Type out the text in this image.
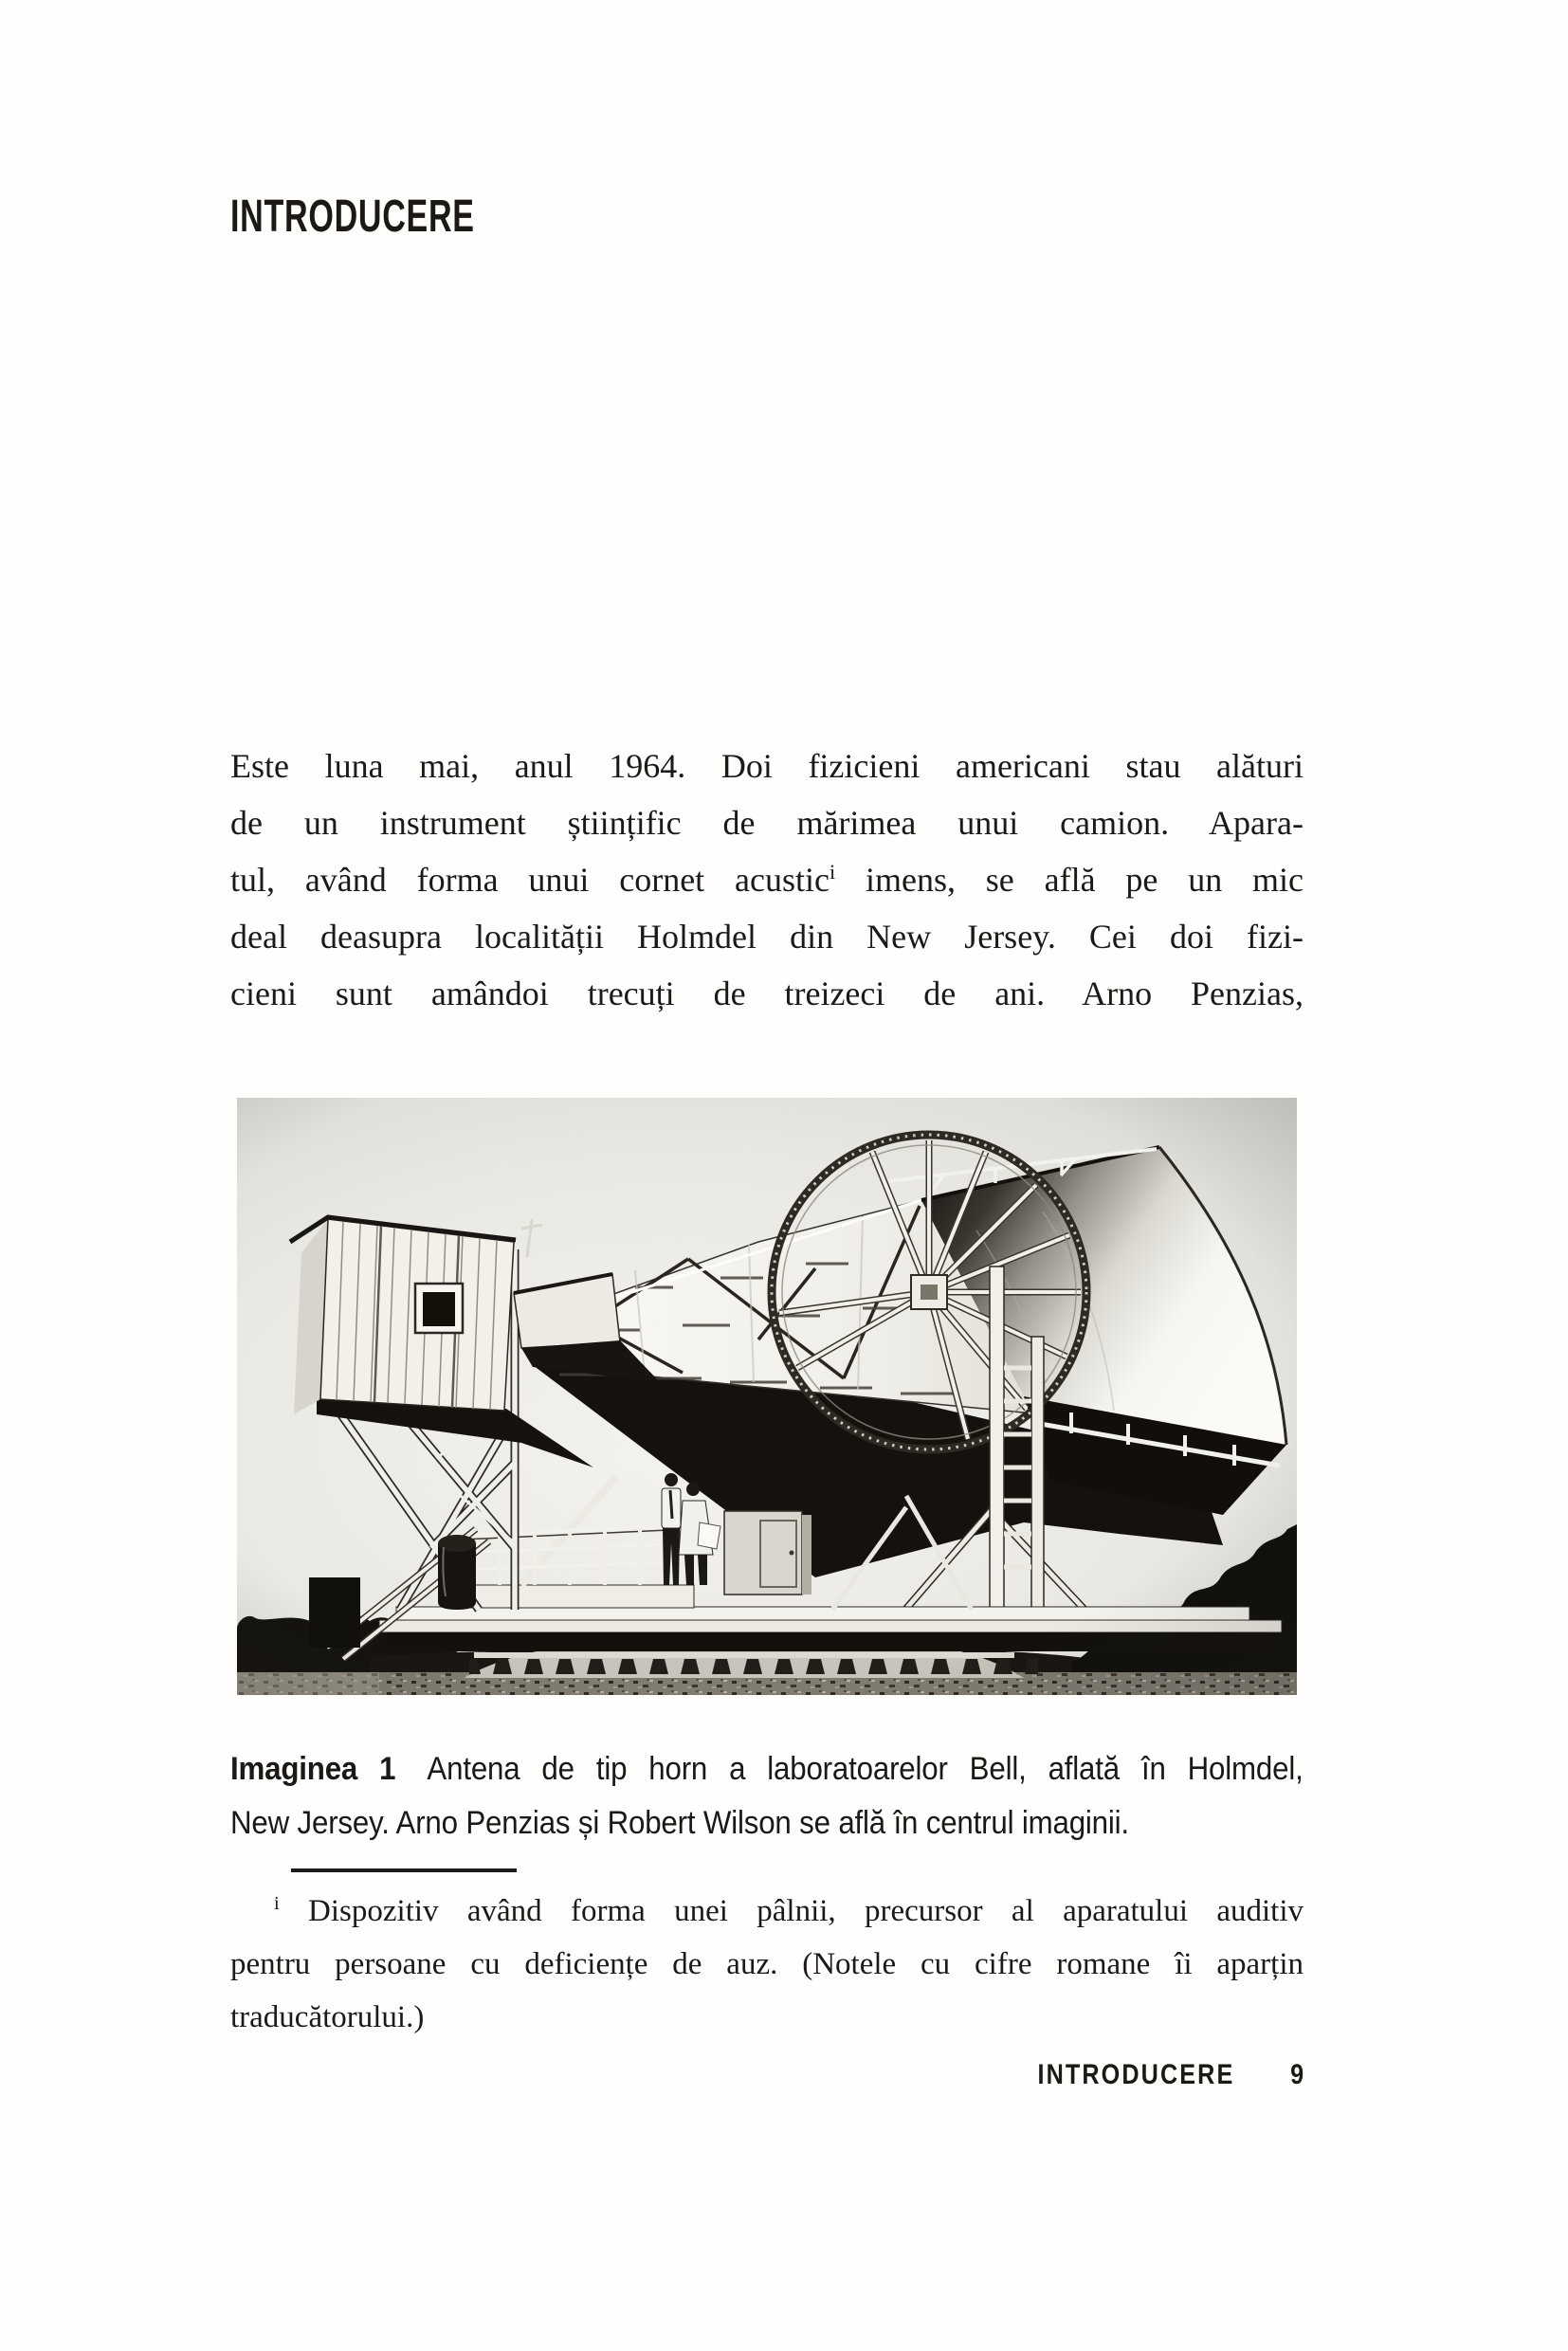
INTRODUCERE
Este luna mai, anul 1964. Doi fizicieni americani stau alături
de un instrument științific de mărimea unui camion. Apara-
tul, având forma unui cornet acustic$^i$ imens, se află pe un mic
deal deasupra localității Holmdel din New Jersey. Cei doi fizi-
cieni sunt amândoi trecuți de treizeci de ani. Arno Penzias,
Imaginea 1 Antena de tip horn a laboratoarelor Bell, aflată în Holmdel,
New Jersey. Arno Penzias și Robert Wilson se află în centrul imaginii.
$^i$ Dispozitiv având forma unei pâlnii, precursor al aparatului auditiv
pentru persoane cu deficiențe de auz. (Notele cu cifre romane îi aparțin
traducătorului.)
INTRODUCERE 9
